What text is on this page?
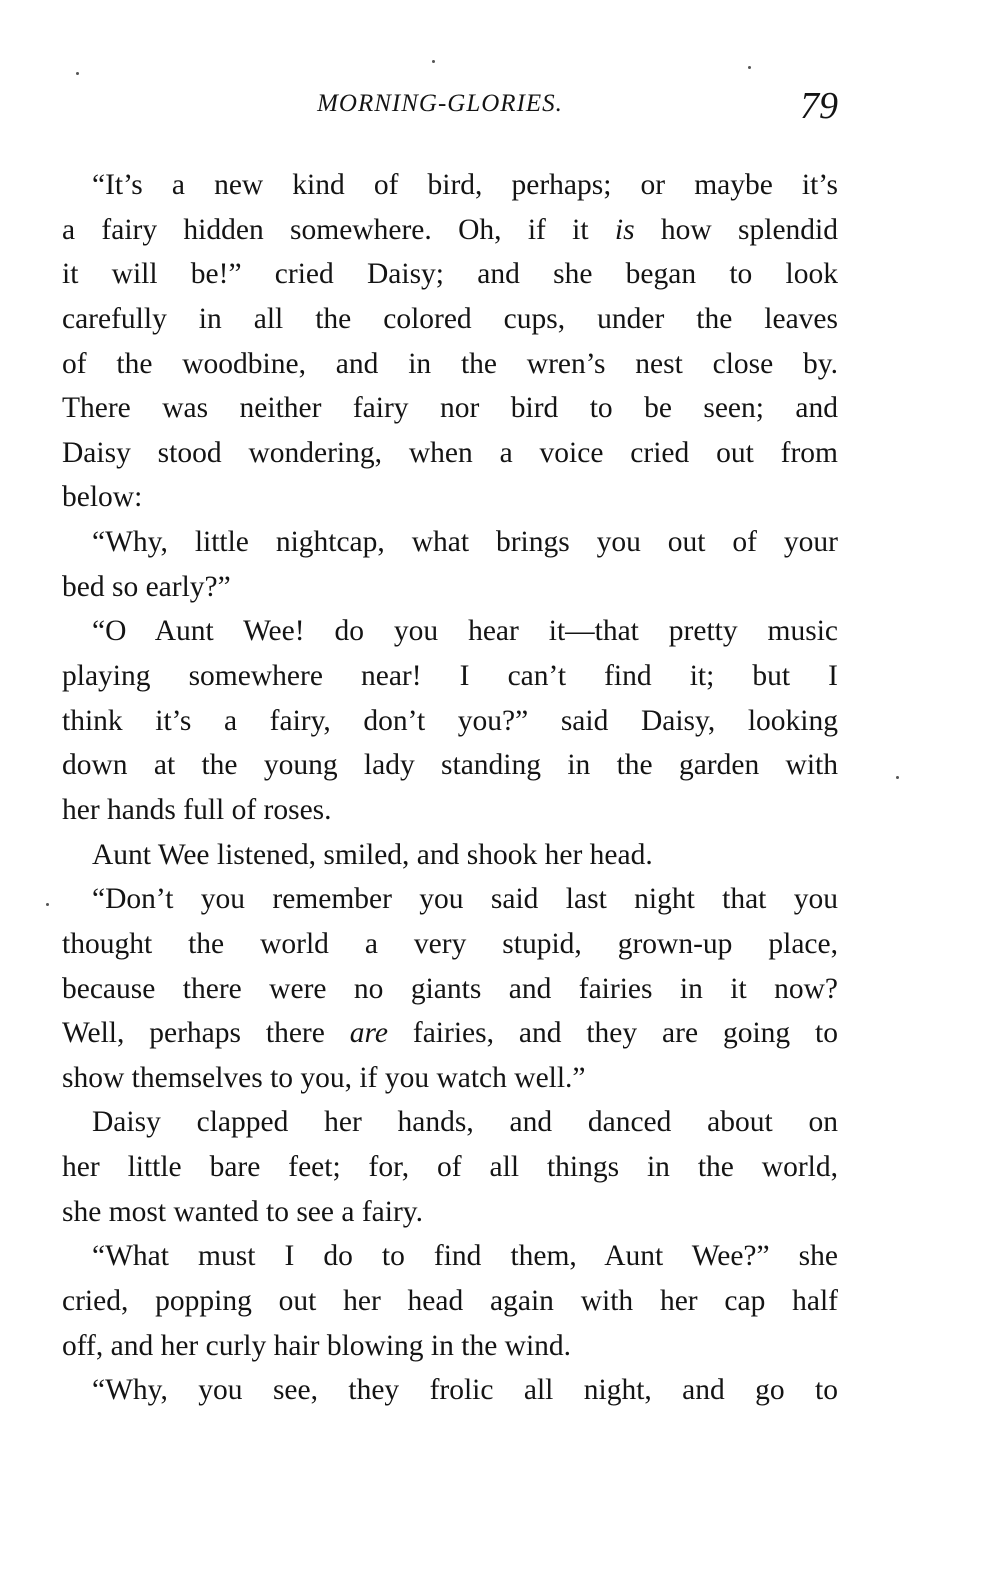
MORNING-GLORIES.	79
“It’s a new kind of bird, perhaps; or maybe it’s
a fairy hidden somewhere. Oh, if it is how splendid
it will be!” cried Daisy; and she began to look
carefully in all the colored cups, under the leaves
of the woodbine, and in the wren’s nest close by.
There was neither fairy nor bird to be seen; and
Daisy stood wondering, when a voice cried out from
below:
“Why, little nightcap, what brings you out of your
bed so early?”
“O Aunt Wee! do you hear it—that pretty music
playing somewhere near! I can’t find it; but I
think it’s a fairy, don’t you?” said Daisy, looking
down at the young lady standing in the garden with
her hands full of roses.
Aunt Wee listened, smiled, and shook her head.
“Don’t you remember you said last night that you
thought the world a very stupid, grown-up place,
because there were no giants and fairies in it now?
Well, perhaps there are fairies, and they are going to
show themselves to you, if you watch well.”
Daisy clapped her hands, and danced about on
her little bare feet; for, of all things in the world,
she most wanted to see a fairy.
“What must I do to find them, Aunt Wee?” she
cried, popping out her head again with her cap half
off, and her curly hair blowing in the wind.
“Why, you see, they frolic all night, and go to
